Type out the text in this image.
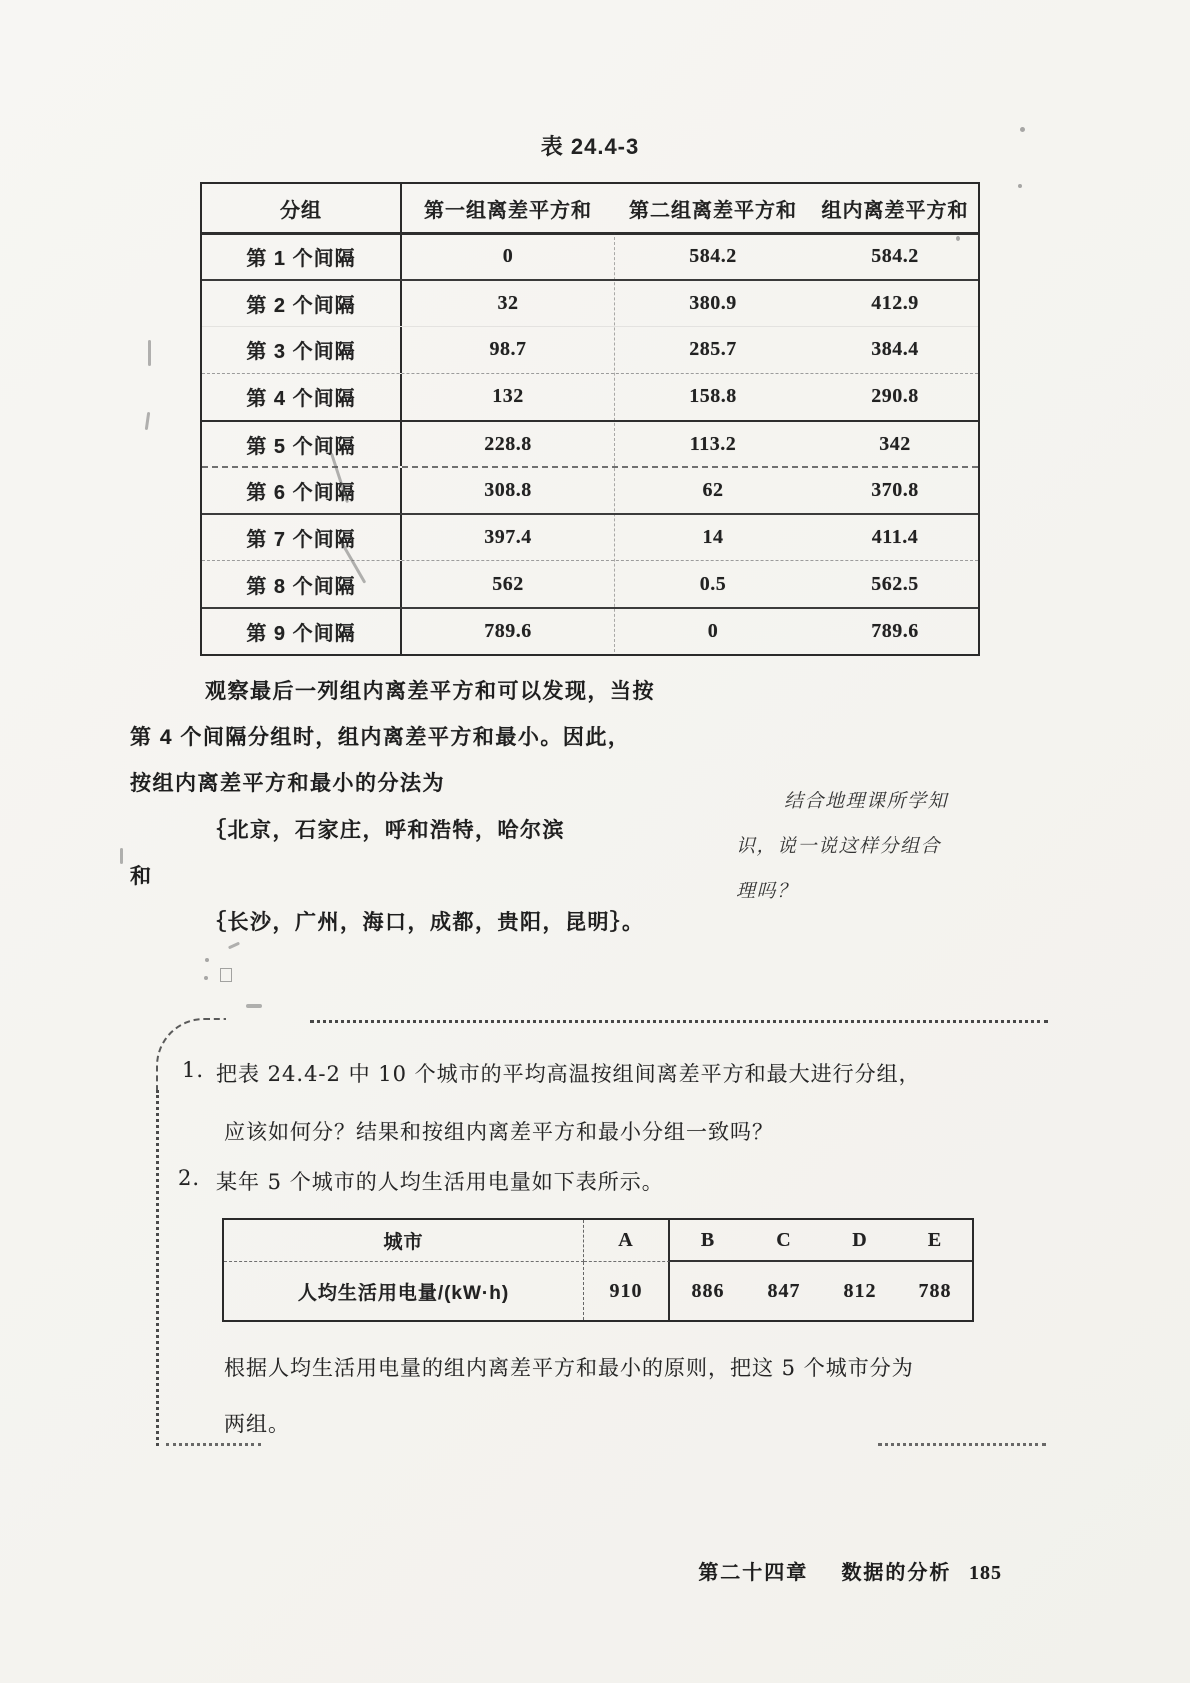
表 24.4-3
分组	第一组离差平方和	第二组离差平方和	组内离差平方和
第 1 个间隔	0	584.2	584.2
第 2 个间隔	32	380.9	412.9
第 3 个间隔	98.7	285.7	384.4
第 4 个间隔	132	158.8	290.8
第 5 个间隔	228.8	113.2	342
第 6 个间隔	308.8	62	370.8
第 7 个间隔	397.4	14	411.4
第 8 个间隔	562	0.5	562.5
第 9 个间隔	789.6	0	789.6
观察最后一列组内离差平方和可以发现，当按
第 4 个间隔分组时，组内离差平方和最小。因此，
按组内离差平方和最小的分法为
｛北京，石家庄，呼和浩特，哈尔滨
和
｛长沙，广州，海口，成都，贵阳，昆明｝。
结合地理课所学知
识，说一说这样分组合
理吗？
1. 把表 24.4-2 中 10 个城市的平均高温按组间离差平方和最大进行分组，
应该如何分？结果和按组内离差平方和最小分组一致吗？
2. 某年 5 个城市的人均生活用电量如下表所示。
城市	A	B	C	D	E
人均生活用电量/(kW·h)	910	886	847	812	788
根据人均生活用电量的组内离差平方和最小的原则，把这 5 个城市分为
两组。
第二十四章 数据的分析 185
